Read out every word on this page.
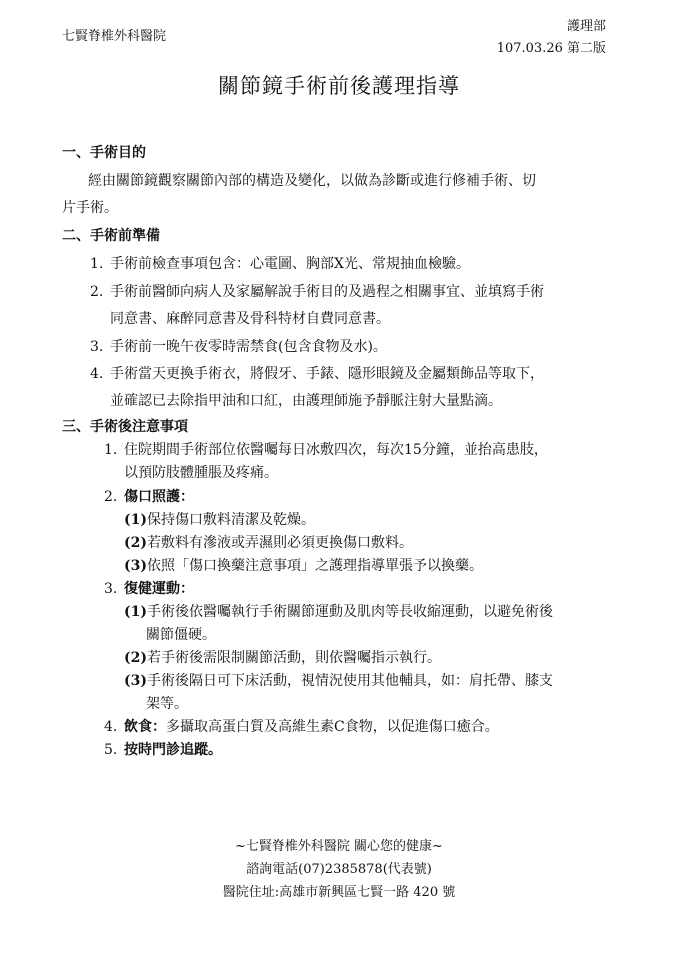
七賢脊椎外科醫院
護理部
107.03.26 第二版
關節鏡手術前後護理指導
一、手術目的
經由關節鏡觀察關節內部的構造及變化，以做為診斷或進行修補手術、切
片手術。
二、手術前準備
1. 手術前檢查事項包含：心電圖、胸部X光、常規抽血檢驗。
2. 手術前醫師向病人及家屬解說手術目的及過程之相關事宜、並填寫手術
同意書、麻醉同意書及骨科特材自費同意書。
3. 手術前一晚午夜零時需禁食(包含食物及水)。
4. 手術當天更換手術衣，將假牙、手錶、隱形眼鏡及金屬類飾品等取下，
並確認已去除指甲油和口紅，由護理師施予靜脈注射大量點滴。
三、手術後注意事項
1. 住院期間手術部位依醫囑每日冰敷四次，每次15分鐘，並抬高患肢，
以預防肢體腫脹及疼痛。
2. 傷口照護：
(1)保持傷口敷料清潔及乾燥。
(2)若敷料有滲液或弄濕則必須更換傷口敷料。
(3)依照「傷口換藥注意事項」之護理指導單張予以換藥。
3. 復健運動：
(1)手術後依醫囑執行手術關節運動及肌肉等長收縮運動，以避免術後
關節僵硬。
(2)若手術後需限制關節活動，則依醫囑指示執行。
(3)手術後隔日可下床活動，視情況使用其他輔具，如：肩托帶、膝支
架等。
4. 飲食：多攝取高蛋白質及高維生素C食物，以促進傷口癒合。
5. 按時門診追蹤。
~七賢脊椎外科醫院 關心您的健康~
諮詢電話(07)2385878(代表號)
醫院住址:高雄市新興區七賢一路 420 號
